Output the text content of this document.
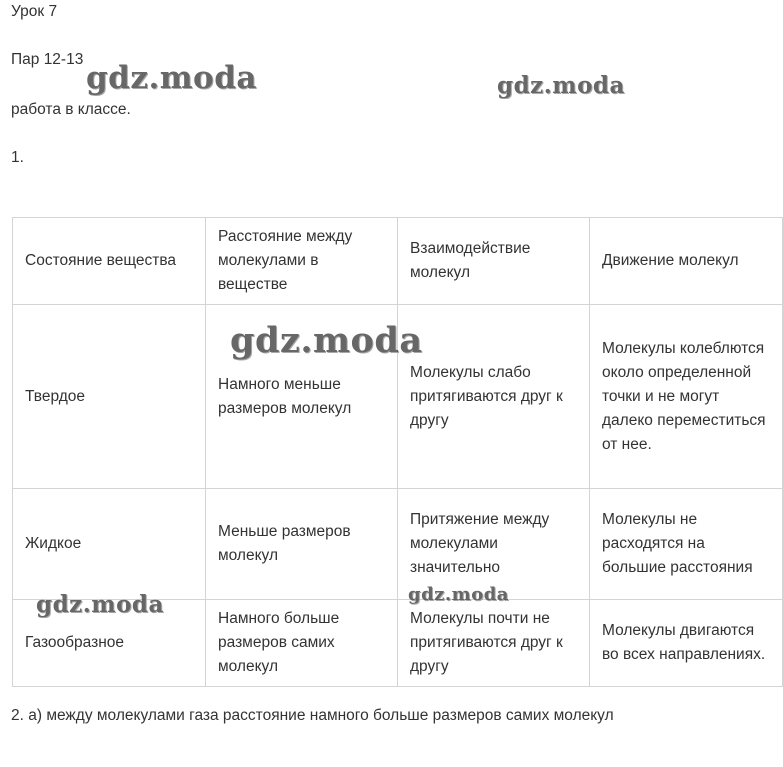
Урок 7
Пар 12-13
работа в классе.
1.
Состояние вещества	Расстояние между молекулами в веществе	Взаимодействие молекул	Движение молекул
Твердое	Намного меньше размеров молекул	Молекулы слабо притягиваются друг к другу	Молекулы колеблются около определенной точки и не могут далеко переместиться от нее.
Жидкое	Меньше размеров молекул	Притяжение между молекулами значительно	Молекулы не расходятся на большие расстояния
Газообразное	Намного больше размеров самих молекул	Молекулы почти не притягиваются друг к другу	Молекулы двигаются во всех направлениях.
2. а) между молекулами газа расстояние намного больше размеров самих молекул
gdz.moda	gdz.moda
gdz.moda
gdz.moda	gdz.moda
